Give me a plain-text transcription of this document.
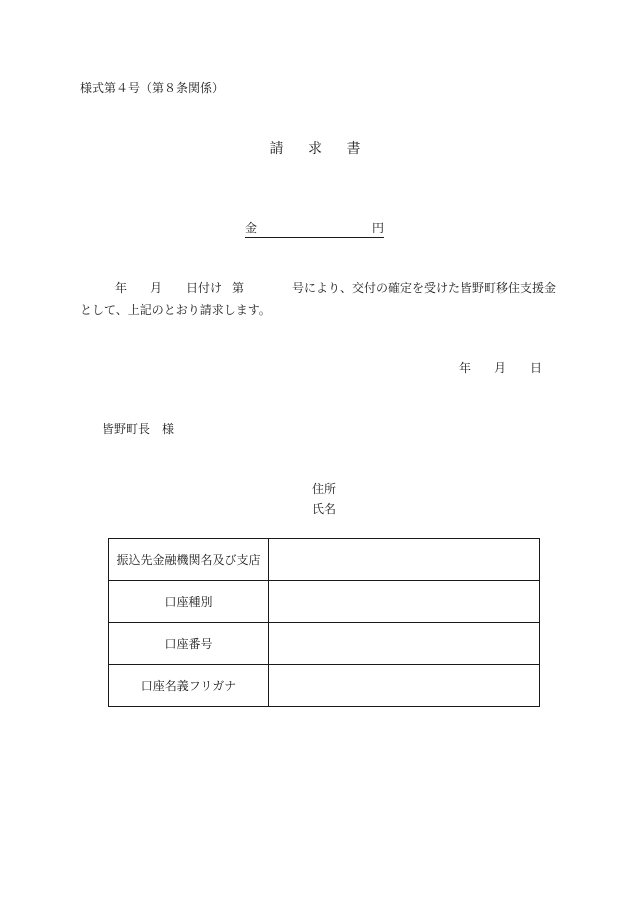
様式第４号（第８条関係）
請 求 書
金	円
年 月 日付け 第	号により、交付の確定を受けた皆野町移住支援金
として、上記のとおり請求します。
年 月 日
皆野町長 様
住所
氏名
振込先金融機関名及び支店	
口座種別	
口座番号	
口座名義フリガナ	
